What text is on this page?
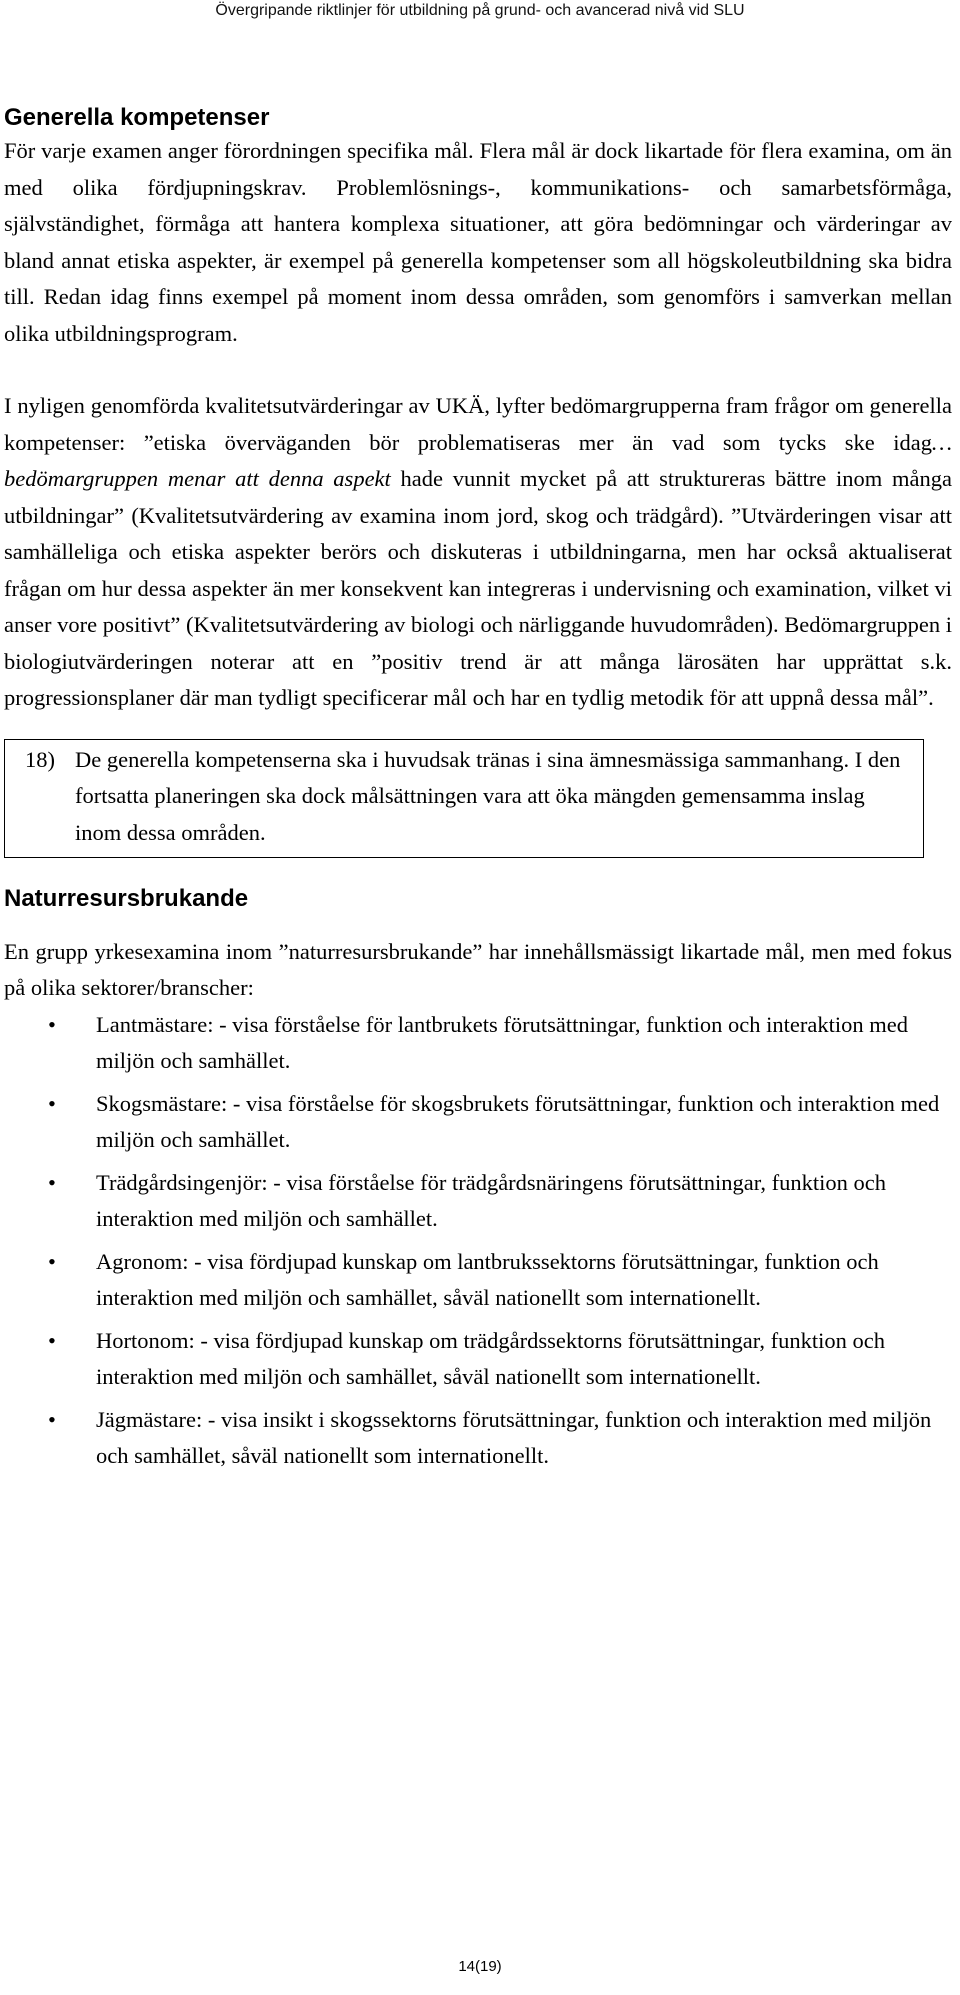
Övergripande riktlinjer för utbildning på grund- och avancerad nivå vid SLU
Generella kompetenser

För varje examen anger förordningen specifika mål. Flera mål är dock likartade för flera examina, om än med olika fördjupningskrav. Problemlösnings-, kommunikations- och samarbetsförmåga, självständighet, förmåga att hantera komplexa situationer, att göra bedömningar och värderingar av bland annat etiska aspekter, är exempel på generella kompetenser som all högskoleutbildning ska bidra till. Redan idag finns exempel på moment inom dessa områden, som genomförs i samverkan mellan olika utbildningsprogram.

I nyligen genomförda kvalitetsutvärderingar av UKÄ, lyfter bedömargrupperna fram frågor om generella kompetenser: ”etiska överväganden bör problematiseras mer än vad som tycks ske idag… bedömargruppen menar att denna aspekt hade vunnit mycket på att struktureras bättre inom många utbildningar” (Kvalitetsutvärdering av examina inom jord, skog och trädgård). ”Utvärderingen visar att samhälleliga och etiska aspekter berörs och diskuteras i utbildningarna, men har också aktualiserat frågan om hur dessa aspekter än mer konsekvent kan integreras i undervisning och examination, vilket vi anser vore positivt” (Kvalitetsutvärdering av biologi och närliggande huvudområden). Bedömargruppen i biologiutvärderingen noterar att en ”positiv trend är att många lärosäten har upprättat s.k. progressionsplaner där man tydligt specificerar mål och har en tydlig metodik för att uppnå dessa mål”.

18) De generella kompetenserna ska i huvudsak tränas i sina ämnesmässiga sammanhang. I den fortsatta planeringen ska dock målsättningen vara att öka mängden gemensamma inslag inom dessa områden.
Naturresursbrukande

En grupp yrkesexamina inom ”naturresursbrukande” har innehållsmässigt likartade mål, men med fokus på olika sektorer/branscher:

•	Lantmästare: - visa förståelse för lantbrukets förutsättningar, funktion och interaktion med miljön och samhället.
•	Skogsmästare: - visa förståelse för skogsbrukets förutsättningar, funktion och interaktion med miljön och samhället.
•	Trädgårdsingenjör: - visa förståelse för trädgårdsnäringens förutsättningar, funktion och interaktion med miljön och samhället.
•	Agronom: - visa fördjupad kunskap om lantbrukssektorns förutsättningar, funktion och interaktion med miljön och samhället, såväl nationellt som internationellt.
•	Hortonom: - visa fördjupad kunskap om trädgårdssektorns förutsättningar, funktion och interaktion med miljön och samhället, såväl nationellt som internationellt.
•	Jägmästare: - visa insikt i skogssektorns förutsättningar, funktion och interaktion med miljön och samhället, såväl nationellt som internationellt.
14(19)
